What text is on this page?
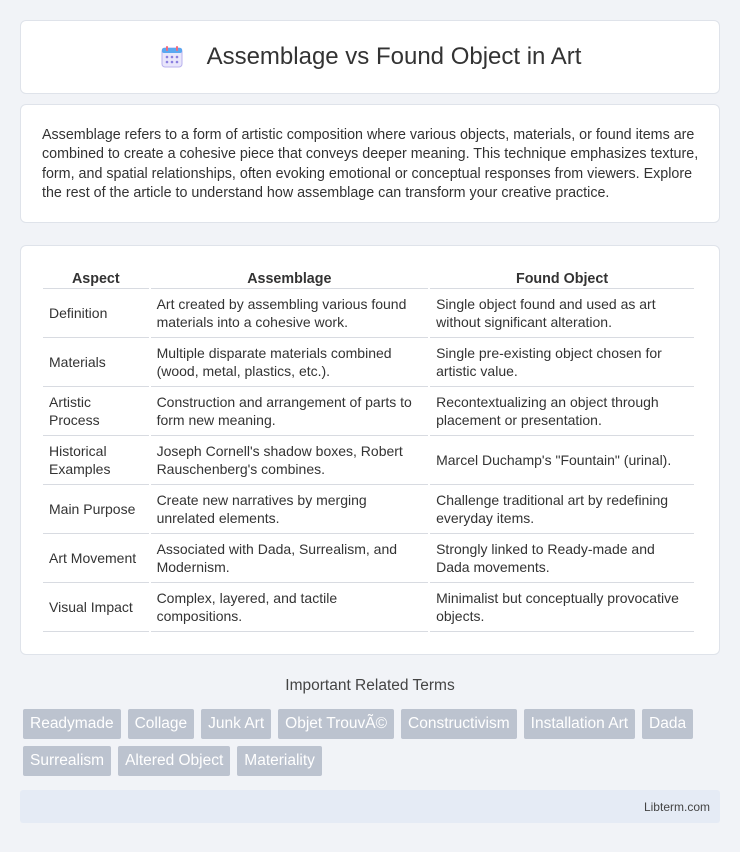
Assemblage vs Found Object in Art

Assemblage refers to a form of artistic composition where various objects, materials, or found items are combined to create a cohesive piece that conveys deeper meaning. This technique emphasizes texture, form, and spatial relationships, often evoking emotional or conceptual responses from viewers. Explore the rest of the article to understand how assemblage can transform your creative practice.

Aspect	Assemblage	Found Object
Definition	Art created by assembling various found materials into a cohesive work.	Single object found and used as art without significant alteration.
Materials	Multiple disparate materials combined (wood, metal, plastics, etc.).	Single pre-existing object chosen for artistic value.
Artistic Process	Construction and arrangement of parts to form new meaning.	Recontextualizing an object through placement or presentation.
Historical Examples	Joseph Cornell's shadow boxes, Robert Rauschenberg's combines.	Marcel Duchamp's "Fountain" (urinal).
Main Purpose	Create new narratives by merging unrelated elements.	Challenge traditional art by redefining everyday items.
Art Movement	Associated with Dada, Surrealism, and Modernism.	Strongly linked to Ready-made and Dada movements.
Visual Impact	Complex, layered, and tactile compositions.	Minimalist but conceptually provocative objects.
Important Related Terms
Readymade	Collage	Junk Art	Objet TrouvÃ©	Constructivism	Installation Art	Dada
Surrealism	Altered Object	Materiality
Libterm.com
